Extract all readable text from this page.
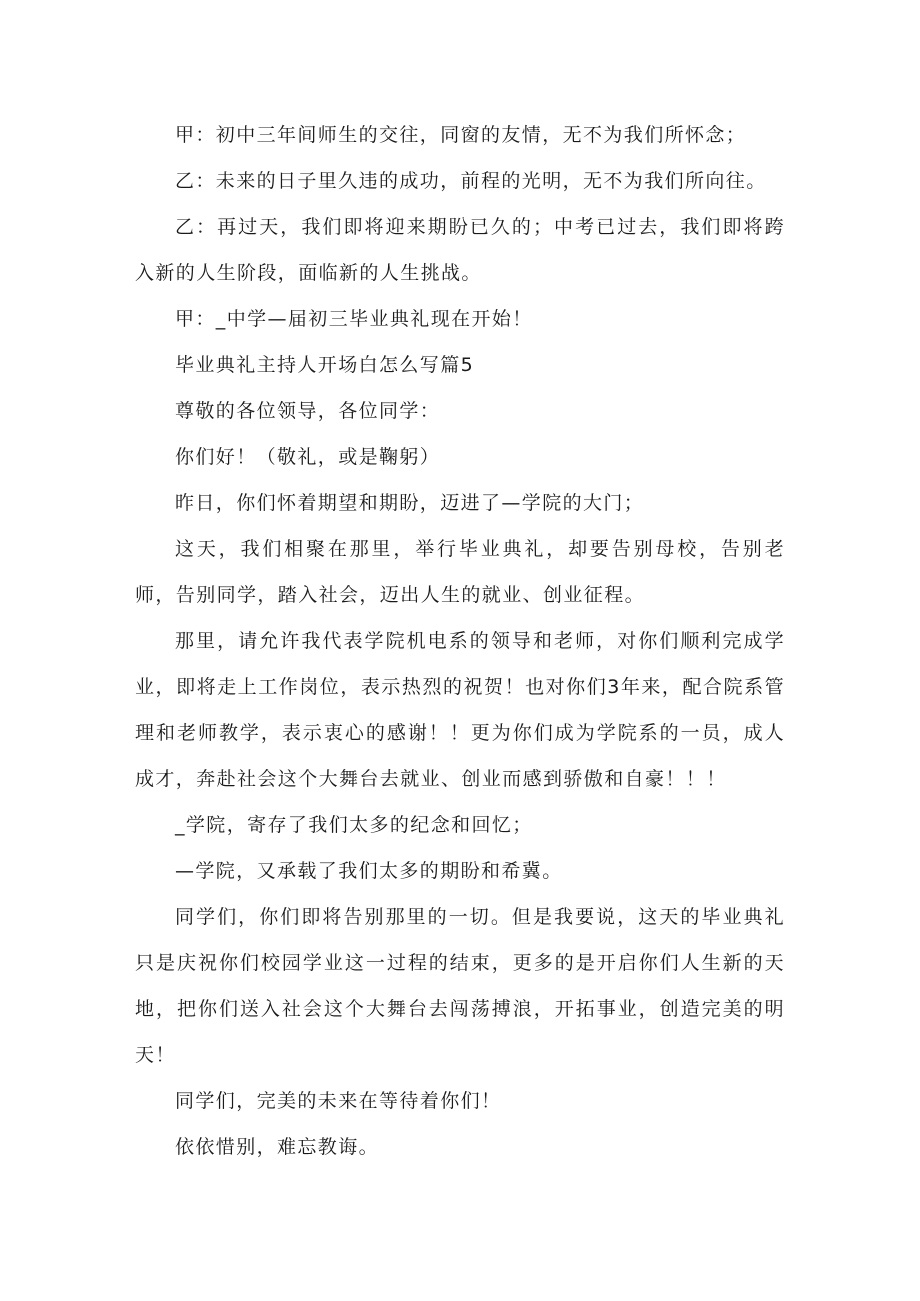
甲：初中三年间师生的交往，同窗的友情，无不为我们所怀念；

乙：未来的日子里久违的成功，前程的光明，无不为我们所向往。

乙：再过天，我们即将迎来期盼已久的；中考已过去，我们即将跨入新的人生阶段，面临新的人生挑战。

甲：_中学—届初三毕业典礼现在开始！

毕业典礼主持人开场白怎么写篇5

尊敬的各位领导，各位同学：

你们好！（敬礼，或是鞠躬）

昨日，你们怀着期望和期盼，迈进了—学院的大门；

这天，我们相聚在那里，举行毕业典礼，却要告别母校，告别老师，告别同学，踏入社会，迈出人生的就业、创业征程。

那里，请允许我代表学院机电系的领导和老师，对你们顺利完成学业，即将走上工作岗位，表示热烈的祝贺！也对你们3年来，配合院系管理和老师教学，表示衷心的感谢！！更为你们成为学院系的一员，成人成才，奔赴社会这个大舞台去就业、创业而感到骄傲和自豪！！！

_学院，寄存了我们太多的纪念和回忆；

—学院，又承载了我们太多的期盼和希冀。

同学们，你们即将告别那里的一切。但是我要说，这天的毕业典礼只是庆祝你们校园学业这一过程的结束，更多的是开启你们人生新的天地，把你们送入社会这个大舞台去闯荡搏浪，开拓事业，创造完美的明天！

同学们，完美的未来在等待着你们！

依依惜别，难忘教诲。
